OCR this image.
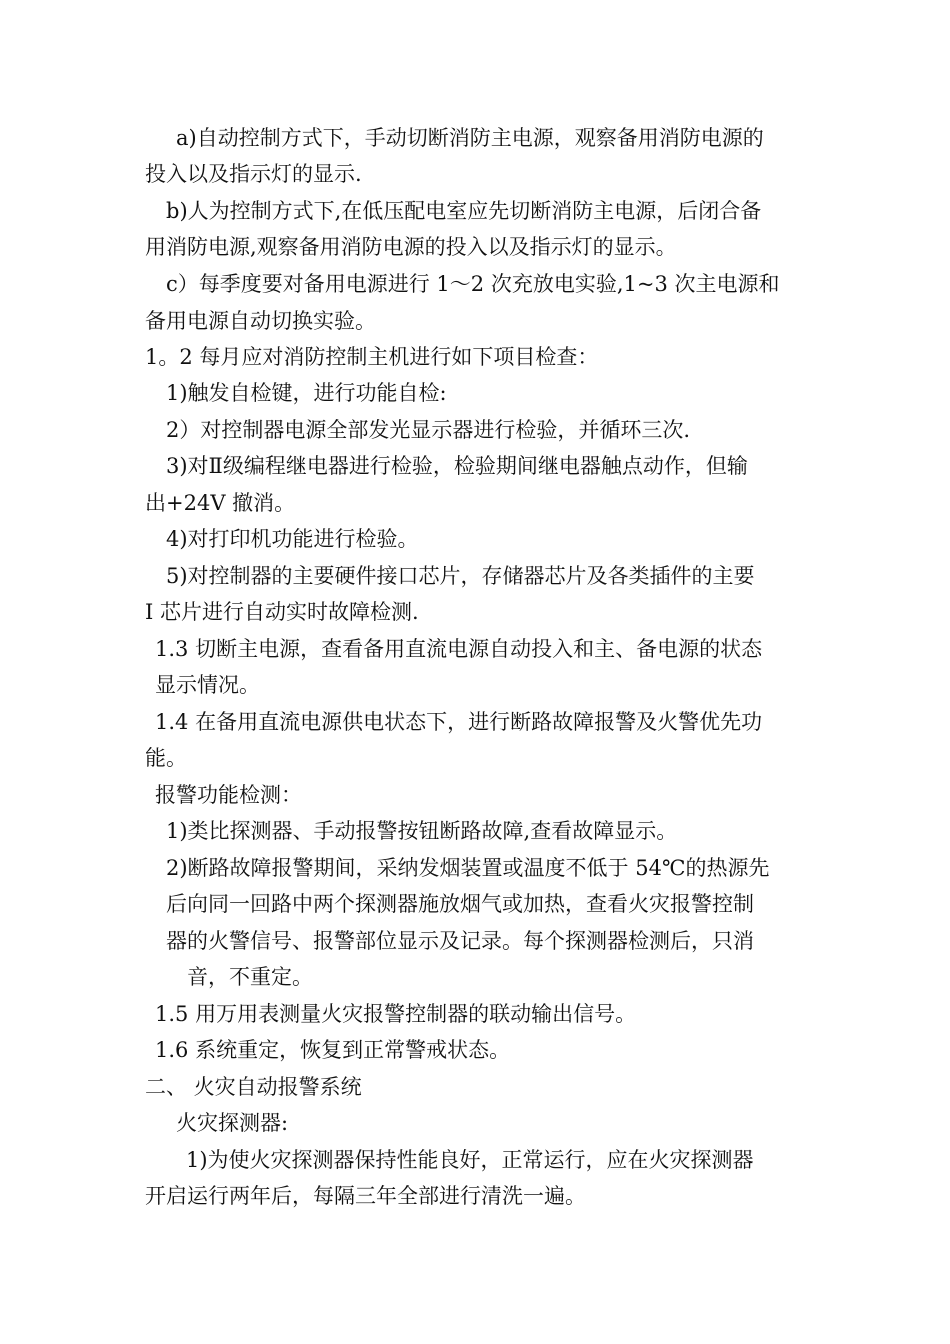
a)自动控制方式下，手动切断消防主电源，观察备用消防电源的
投入以及指示灯的显示.
b)人为控制方式下,在低压配电室应先切断消防主电源，后闭合备
用消防电源,观察备用消防电源的投入以及指示灯的显示。
c）每季度要对备用电源进行 1～2 次充放电实验,1~3 次主电源和
备用电源自动切换实验。
1。2 每月应对消防控制主机进行如下项目检查：
1)触发自检键，进行功能自检:
2）对控制器电源全部发光显示器进行检验，并循环三次.
3)对Ⅱ级编程继电器进行检验，检验期间继电器触点动作，但输
出+24V 撤消。
4)对打印机功能进行检验。
5)对控制器的主要硬件接口芯片，存储器芯片及各类插件的主要
I 芯片进行自动实时故障检测.
1.3 切断主电源，查看备用直流电源自动投入和主、备电源的状态
显示情况。
1.4 在备用直流电源供电状态下，进行断路故障报警及火警优先功
能。
报警功能检测：
1)类比探测器、手动报警按钮断路故障,查看故障显示。
2)断路故障报警期间，采纳发烟装置或温度不低于 54℃的热源先
后向同一回路中两个探测器施放烟气或加热，查看火灾报警控制
器的火警信号、报警部位显示及记录。每个探测器检测后，只消
音，不重定。
1.5 用万用表测量火灾报警控制器的联动输出信号。
1.6 系统重定，恢复到正常警戒状态。
二、 火灾自动报警系统
火灾探测器:
1)为使火灾探测器保持性能良好，正常运行，应在火灾探测器
开启运行两年后，每隔三年全部进行清洗一遍。
